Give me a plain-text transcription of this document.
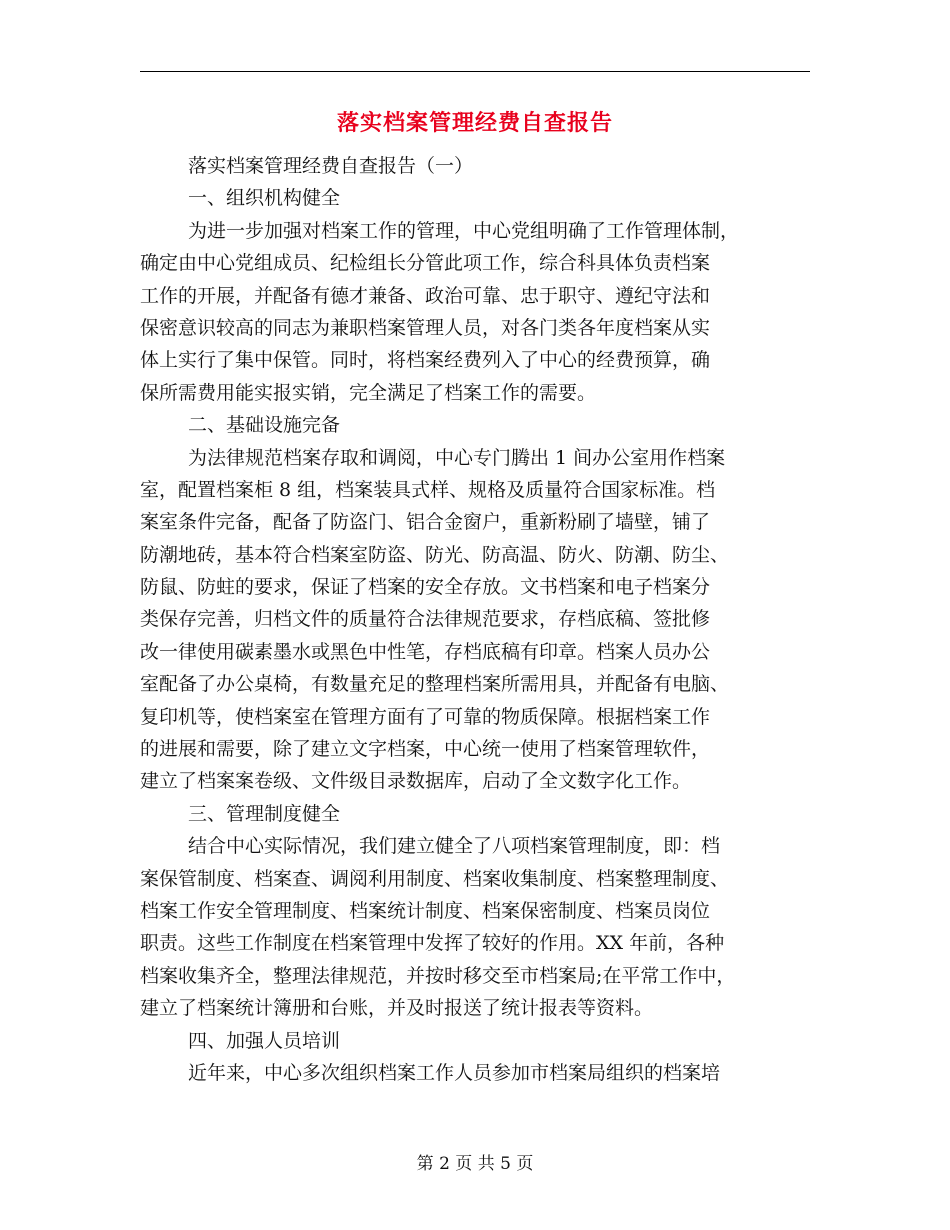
落实档案管理经费自查报告
落实档案管理经费自查报告（一）
一、组织机构健全
为进一步加强对档案工作的管理，中心党组明确了工作管理体制，
确定由中心党组成员、纪检组长分管此项工作，综合科具体负责档案
工作的开展，并配备有德才兼备、政治可靠、忠于职守、遵纪守法和
保密意识较高的同志为兼职档案管理人员，对各门类各年度档案从实
体上实行了集中保管。同时，将档案经费列入了中心的经费预算，确
保所需费用能实报实销，完全满足了档案工作的需要。
二、基础设施完备
为法律规范档案存取和调阅，中心专门腾出 1 间办公室用作档案
室，配置档案柜 8 组，档案装具式样、规格及质量符合国家标准。档
案室条件完备，配备了防盗门、铝合金窗户，重新粉刷了墙壁，铺了
防潮地砖，基本符合档案室防盗、防光、防高温、防火、防潮、防尘、
防鼠、防蛀的要求，保证了档案的安全存放。文书档案和电子档案分
类保存完善，归档文件的质量符合法律规范要求，存档底稿、签批修
改一律使用碳素墨水或黑色中性笔，存档底稿有印章。档案人员办公
室配备了办公桌椅，有数量充足的整理档案所需用具，并配备有电脑、
复印机等，使档案室在管理方面有了可靠的物质保障。根据档案工作
的进展和需要，除了建立文字档案，中心统一使用了档案管理软件，
建立了档案案卷级、文件级目录数据库，启动了全文数字化工作。
三、管理制度健全
结合中心实际情况，我们建立健全了八项档案管理制度，即：档
案保管制度、档案查、调阅利用制度、档案收集制度、档案整理制度、
档案工作安全管理制度、档案统计制度、档案保密制度、档案员岗位
职责。这些工作制度在档案管理中发挥了较好的作用。XX 年前，各种
档案收集齐全，整理法律规范，并按时移交至市档案局;在平常工作中，
建立了档案统计簿册和台账，并及时报送了统计报表等资料。
四、加强人员培训
近年来，中心多次组织档案工作人员参加市档案局组织的档案培
第 2 页 共 5 页
